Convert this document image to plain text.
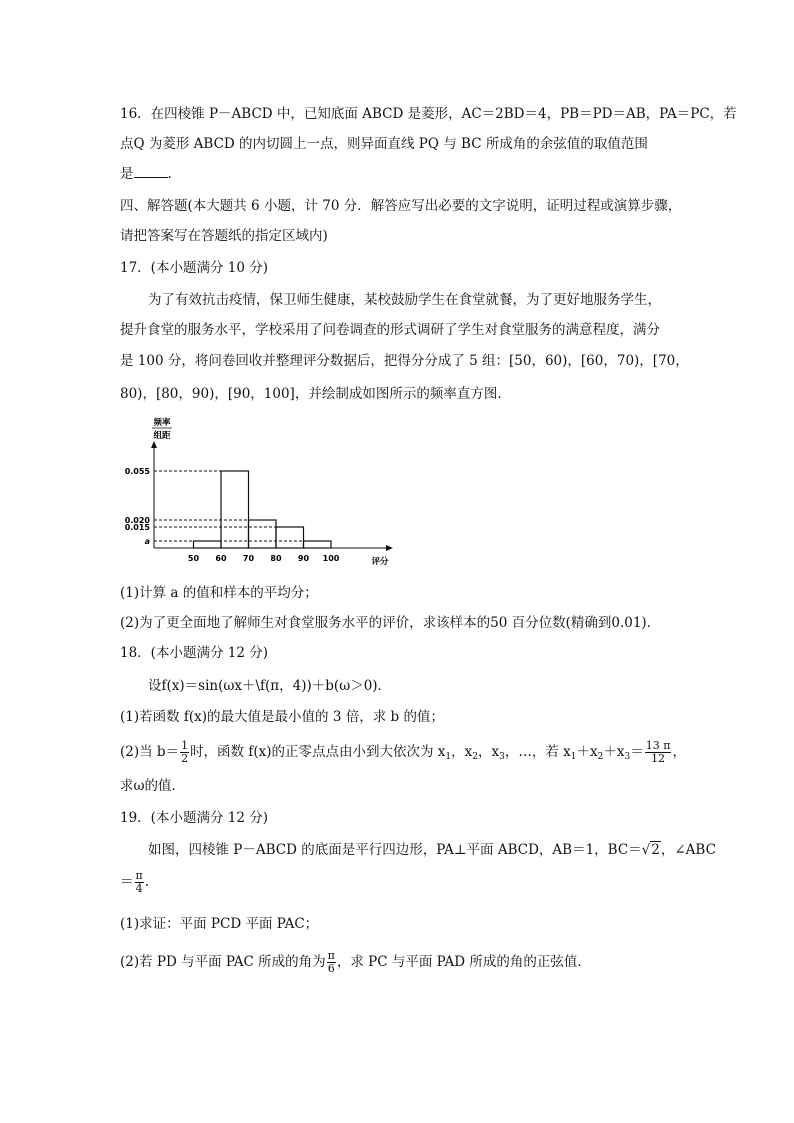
16．在四棱锥 P－ABCD 中，已知底面 ABCD 是菱形，AC＝2BD＝4，PB＝PD＝AB，PA＝PC，若
点Q 为菱形 ABCD 的内切圆上一点，则异面直线 PQ 与 BC 所成角的余弦值的取值范围
是	.
四、解答题(本大题共 6 小题，计 70 分．解答应写出必要的文字说明，证明过程或演算步骤，
请把答案写在答题纸的指定区域内)
17．(本小题满分 10 分)
为了有效抗击疫情，保卫师生健康，某校鼓励学生在食堂就餐，为了更好地服务学生，
提升食堂的服务水平，学校采用了问卷调查的形式调研了学生对食堂服务的满意程度，满分
是 100 分，将问卷回收并整理评分数据后，把得分分成了 5 组：[50，60)，[60，70)，[70，
80)，[80，90)，[90，100]，并绘制成如图所示的频率直方图．
频率
组距
评分
a
0.015
0.020
0.055
50 60 70 80 90 100
(1)计算 a 的值和样本的平均分；
(2)为了更全面地了解师生对食堂服务水平的评价，求该样本的50 百分位数(精确到0.01)．
18．(本小题满分 12 分)
设f(x)＝sin(ωx＋\f(π，4))＋b(ω＞0)．
(1)若函数 f(x)的最大值是最小值的 3 倍，求 b 的值；
(2)当 $b= \frac{1}{2}$ 时，函数 f(x)的正零点点由小到大依次为 $x_1$，$x_2$，$x_3$，…，若 $x_1+x_2+x_3= \frac{13 \pi}{12}$ ，
求ω的值．
19．(本小题满分 12 分)
如图，四棱锥 P－ABCD 的底面是平行四边形，PA⊥平面 ABCD，AB＝1，BC＝√2，∠ABC
＝ $\frac{\pi}{4}$ .
(1)求证：平面 PCD 平面 PAC；
(2)若 PD 与平面 PAC 所成的角为 $\frac{\pi}{6}$ ，求 PC 与平面 PAD 所成的角的正弦值．
